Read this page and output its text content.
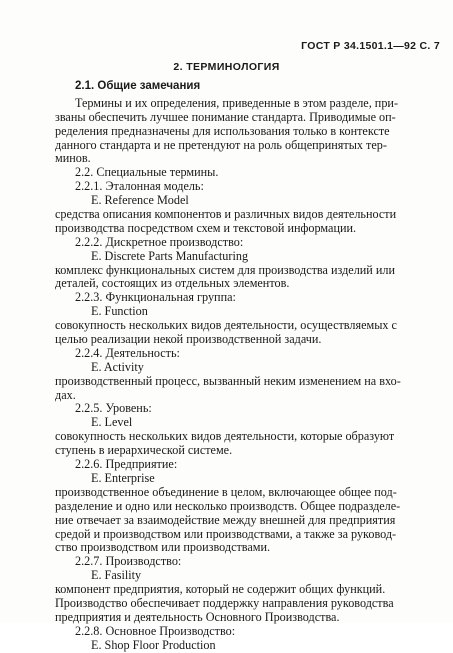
ГОСТ Р 34.1501.1—92 С. 7
2. ТЕРМИНОЛОГИЯ
2.1. Общие замечания
Термины и их определения, приведенные в этом разделе, при-
званы обеспечить лучшее понимание стандарта. Приводимые оп-
ределения предназначены для использования только в контексте
данного стандарта и не претендуют на роль общепринятых тер-
минов.
2.2. Специальные термины.
2.2.1. Эталонная модель:
E. Reference Model
средства описания компонентов и различных видов деятельности
производства посредством схем и текстовой информации.
2.2.2. Дискретное производство:
E. Discrete Parts Manufacturing
комплекс функциональных систем для производства изделий или
деталей, состоящих из отдельных элементов.
2.2.3. Функциональная группа:
E. Function
совокупность нескольких видов деятельности, осуществляемых с
целью реализации некой производственной задачи.
2.2.4. Деятельность:
E. Activity
производственный процесс, вызванный неким изменением на вхо-
дах.
2.2.5. Уровень:
E. Level
совокупность нескольких видов деятельности, которые образуют
ступень в иерархической системе.
2.2.6. Предприятие:
E. Enterprise
производственное объединение в целом, включающее общее под-
разделение и одно или несколько производств. Общее подразделе-
ние отвечает за взаимодействие между внешней для предприятия
средой и производством или производствами, а также за руковод-
ство производством или производствами.
2.2.7. Производство:
E. Fasility
компонент предприятия, который не содержит общих функций.
Производство обеспечивает поддержку направления руководства
предприятия и деятельность Основного Производства.
2.2.8. Основное Производство:
E. Shop Floor Production
